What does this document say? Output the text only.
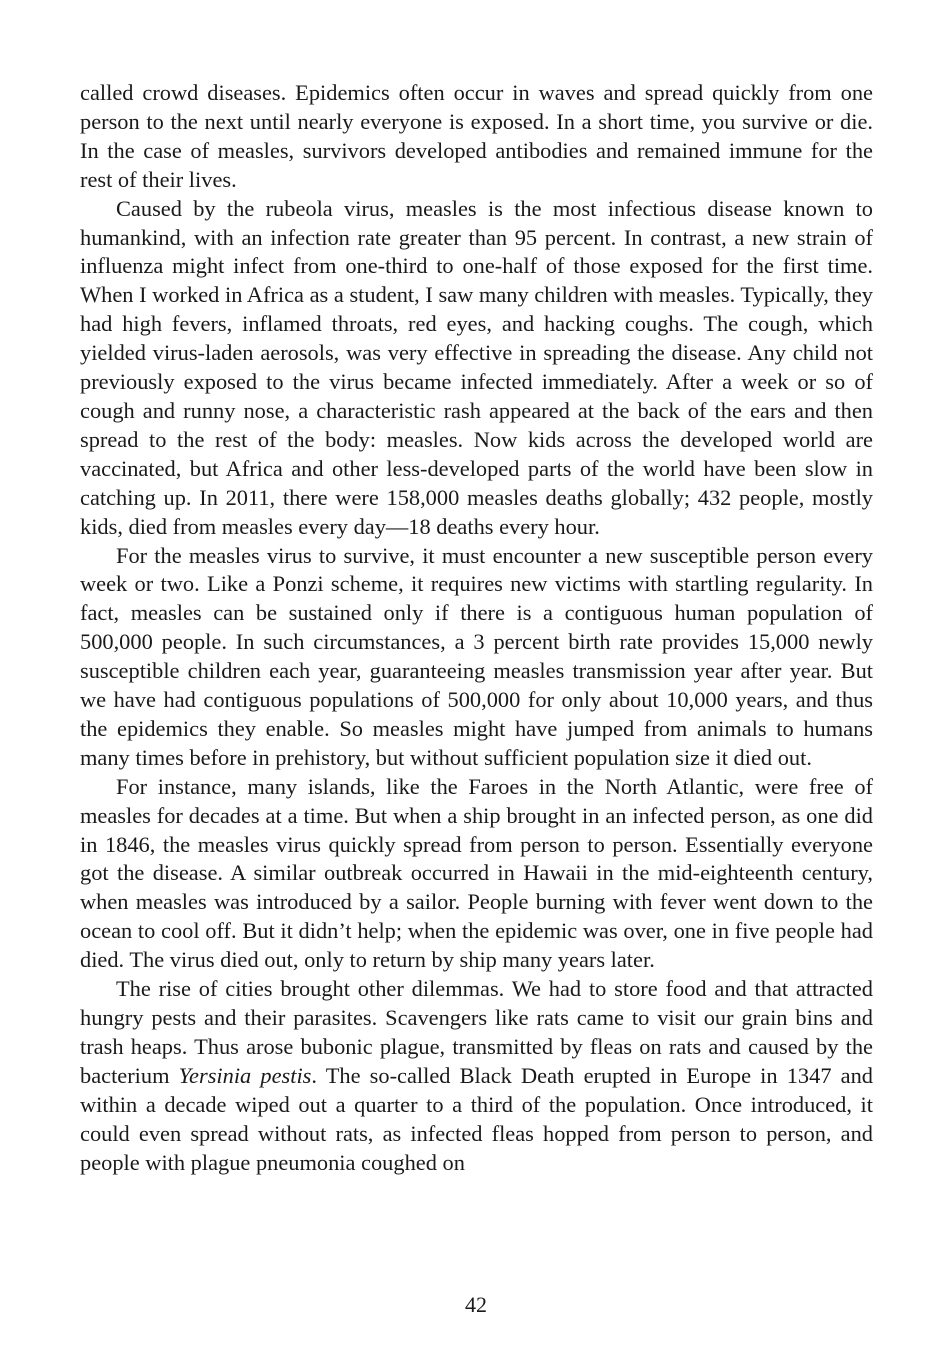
called crowd diseases. Epidemics often occur in waves and spread quickly from one person to the next until nearly everyone is exposed. In a short time, you survive or die. In the case of measles, survivors developed antibodies and remained immune for the rest of their lives.

Caused by the rubeola virus, measles is the most infectious disease known to humankind, with an infection rate greater than 95 percent. In contrast, a new strain of influenza might infect from one-third to one-half of those exposed for the first time. When I worked in Africa as a student, I saw many children with measles. Typically, they had high fevers, inflamed throats, red eyes, and hacking coughs. The cough, which yielded virus-laden aerosols, was very effective in spreading the disease. Any child not previously exposed to the virus became infected immediately. After a week or so of cough and runny nose, a characteristic rash appeared at the back of the ears and then spread to the rest of the body: measles. Now kids across the developed world are vaccinated, but Africa and other less-developed parts of the world have been slow in catching up. In 2011, there were 158,000 measles deaths globally; 432 people, mostly kids, died from measles every day—18 deaths every hour.

For the measles virus to survive, it must encounter a new susceptible person every week or two. Like a Ponzi scheme, it requires new victims with startling regularity. In fact, measles can be sustained only if there is a contiguous human population of 500,000 people. In such circumstances, a 3 percent birth rate provides 15,000 newly susceptible children each year, guaranteeing measles transmission year after year. But we have had contiguous populations of 500,000 for only about 10,000 years, and thus the epidemics they enable. So measles might have jumped from animals to humans many times before in prehistory, but without sufficient population size it died out.

For instance, many islands, like the Faroes in the North Atlantic, were free of measles for decades at a time. But when a ship brought in an infected person, as one did in 1846, the measles virus quickly spread from person to person. Essentially everyone got the disease. A similar outbreak occurred in Hawaii in the mid-eighteenth century, when measles was introduced by a sailor. People burning with fever went down to the ocean to cool off. But it didn’t help; when the epidemic was over, one in five people had died. The virus died out, only to return by ship many years later.

The rise of cities brought other dilemmas. We had to store food and that attracted hungry pests and their parasites. Scavengers like rats came to visit our grain bins and trash heaps. Thus arose bubonic plague, transmitted by fleas on rats and caused by the bacterium Yersinia pestis. The so-called Black Death erupted in Europe in 1347 and within a decade wiped out a quarter to a third of the population. Once introduced, it could even spread without rats, as infected fleas hopped from person to person, and people with plague pneumonia coughed on

42
